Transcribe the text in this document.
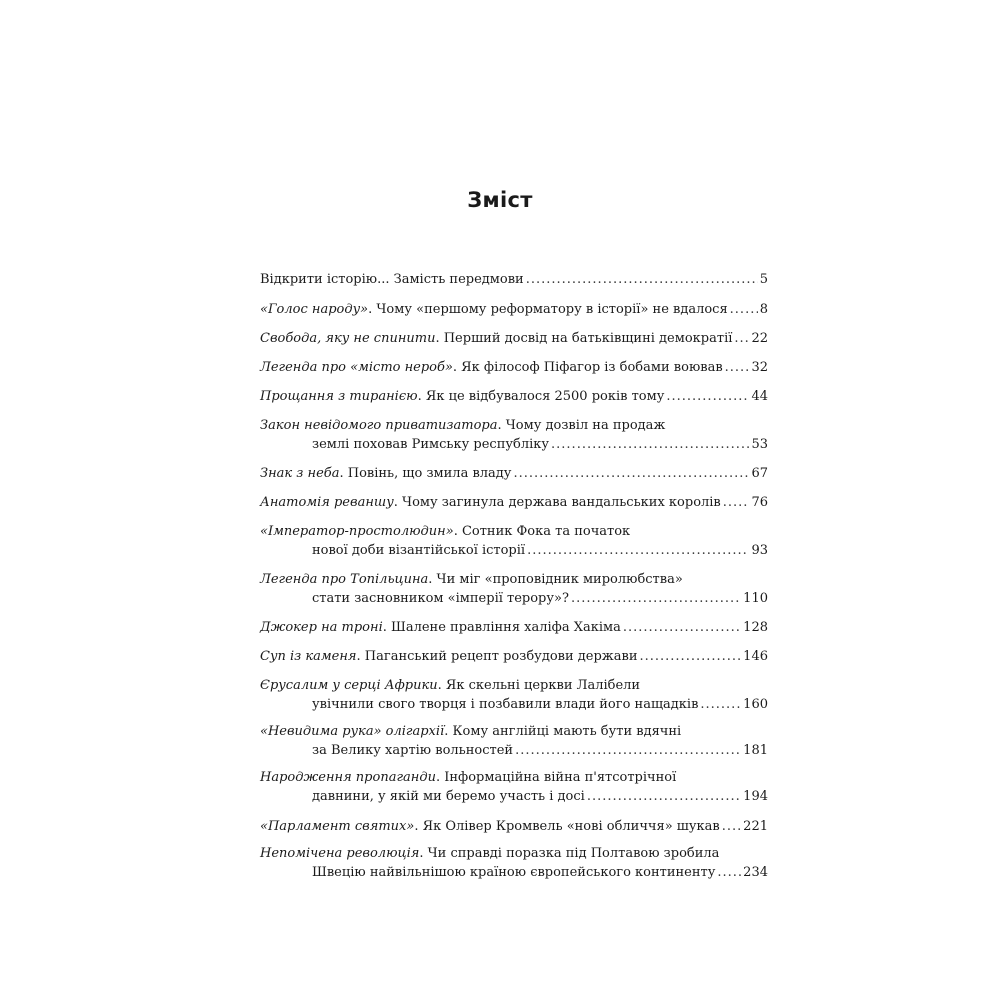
Зміст
Відкрити історію... Замість передмови .....	5
«Голос народу» . Чому «першому реформатору в історії» не вдалося ..... 8
Свобода, яку не спинити . Перший досвід на батьківщині демократії ..... 22
Легенда про «місто нероб» . Як філософ Піфагор із бобами воював ..... 32
Прощання з тиранією . Як це відбувалося 2500 років тому .....	44
Закон невідомого приватизатора . Чому дозвіл на продаж
землі поховав Римську республіку .....	53
Знак з неба . Повінь, що змила владу .....	67
Анатомія реваншу . Чому загинула держава вандальських королів ..... 76
«Імператор-простолюдин» . Сотник Фока та початок
нової доби візантійської історії .....	93
Легенда про Топільцина . Чи міг «проповідник миролюбства»
стати засновником «імперії терору»? .....	110
Джокер на троні . Шалене правління халіфа Хакіма .....	128
Суп із каменя . Паганський рецепт розбудови держави .....	146
Єрусалим у серці Африки . Як скельні церкви Лалібели
увічнили свого творця і позбавили влади його нащадків .....	160
«Невидима рука» олігархії . Кому англійці мають бути вдячні
за Велику хартію вольностей .....	181
Народження пропаганди . Інформаційна війна п'ятсотрічної
давнини, у якій ми беремо участь і досі .....	194
«Парламент святих» . Як Олівер Кромвель «нові обличчя» шукав ..... 221
Непомічена революція . Чи справді поразка під Полтавою зробила
Швецію найвільнішою країною європейського континенту ..... 234
